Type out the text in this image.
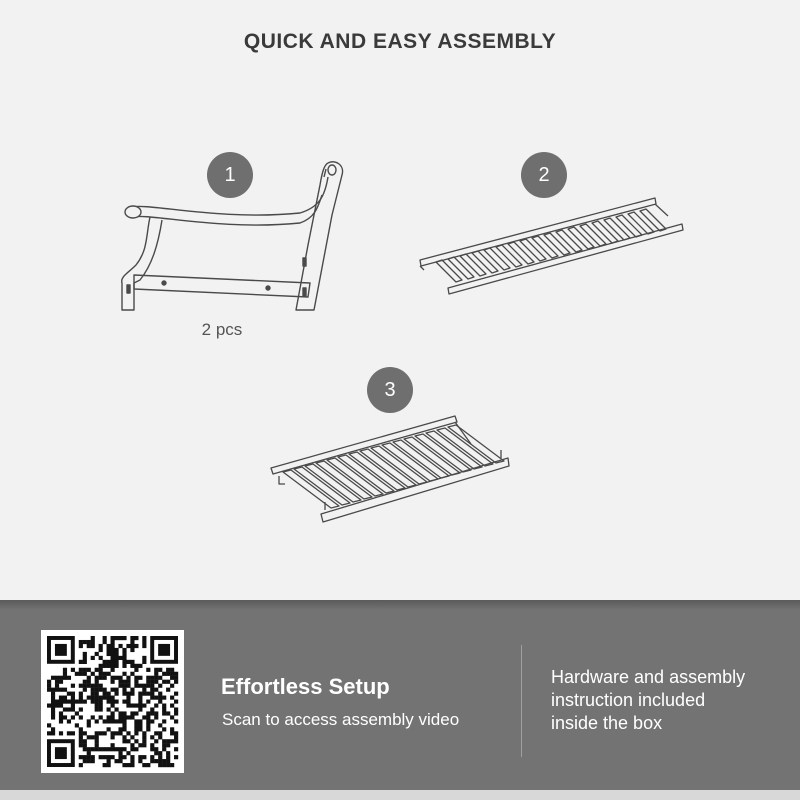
QUICK AND EASY ASSEMBLY
1
2 pcs
2
3
Effortless Setup
Scan to access assembly video
Hardware and assembly
instruction included
inside the box
